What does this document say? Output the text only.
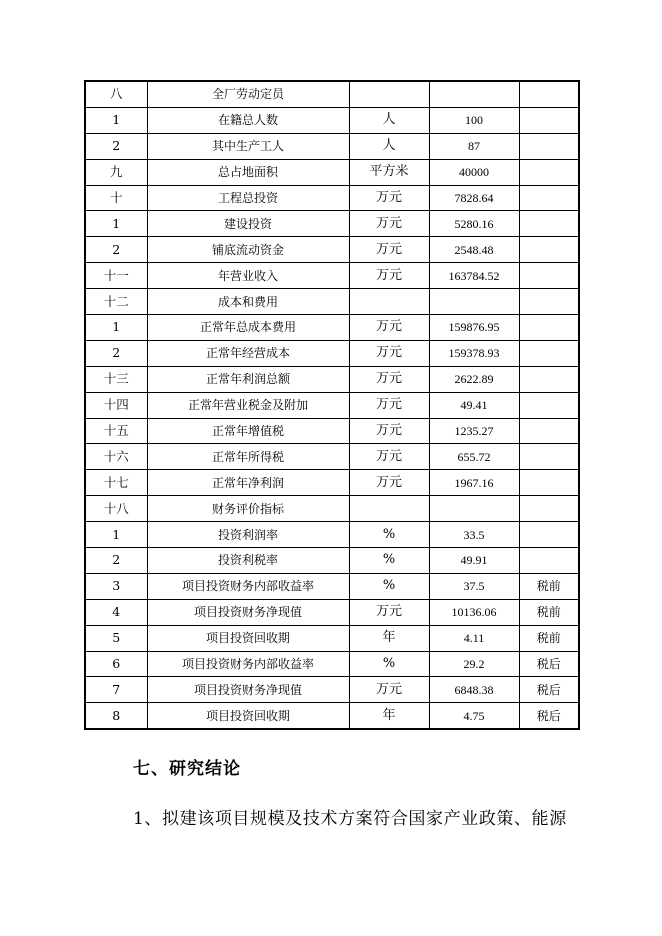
八	全厂劳动定员			
1	在籍总人数	人	100	
2	其中生产工人	人	87	
九	总占地面积	平方米	40000	
十	工程总投资	万元	7828.64	
1	建设投资	万元	5280.16	
2	铺底流动资金	万元	2548.48	
十一	年营业收入	万元	163784.52	
十二	成本和费用			
1	正常年总成本费用	万元	159876.95	
2	正常年经营成本	万元	159378.93	
十三	正常年利润总额	万元	2622.89	
十四	正常年营业税金及附加	万元	49.41	
十五	正常年增值税	万元	1235.27	
十六	正常年所得税	万元	655.72	
十七	正常年净利润	万元	1967.16	
十八	财务评价指标			
1	投资利润率	%	33.5	
2	投资利税率	%	49.91	
3	项目投资财务内部收益率	%	37.5	税前
4	项目投资财务净现值	万元	10136.06	税前
5	项目投资回收期	年	4.11	税前
6	项目投资财务内部收益率	%	29.2	税后
7	项目投资财务净现值	万元	6848.38	税后
8	项目投资回收期	年	4.75	税后
七、研究结论
1、拟建该项目规模及技术方案符合国家产业政策、能源
